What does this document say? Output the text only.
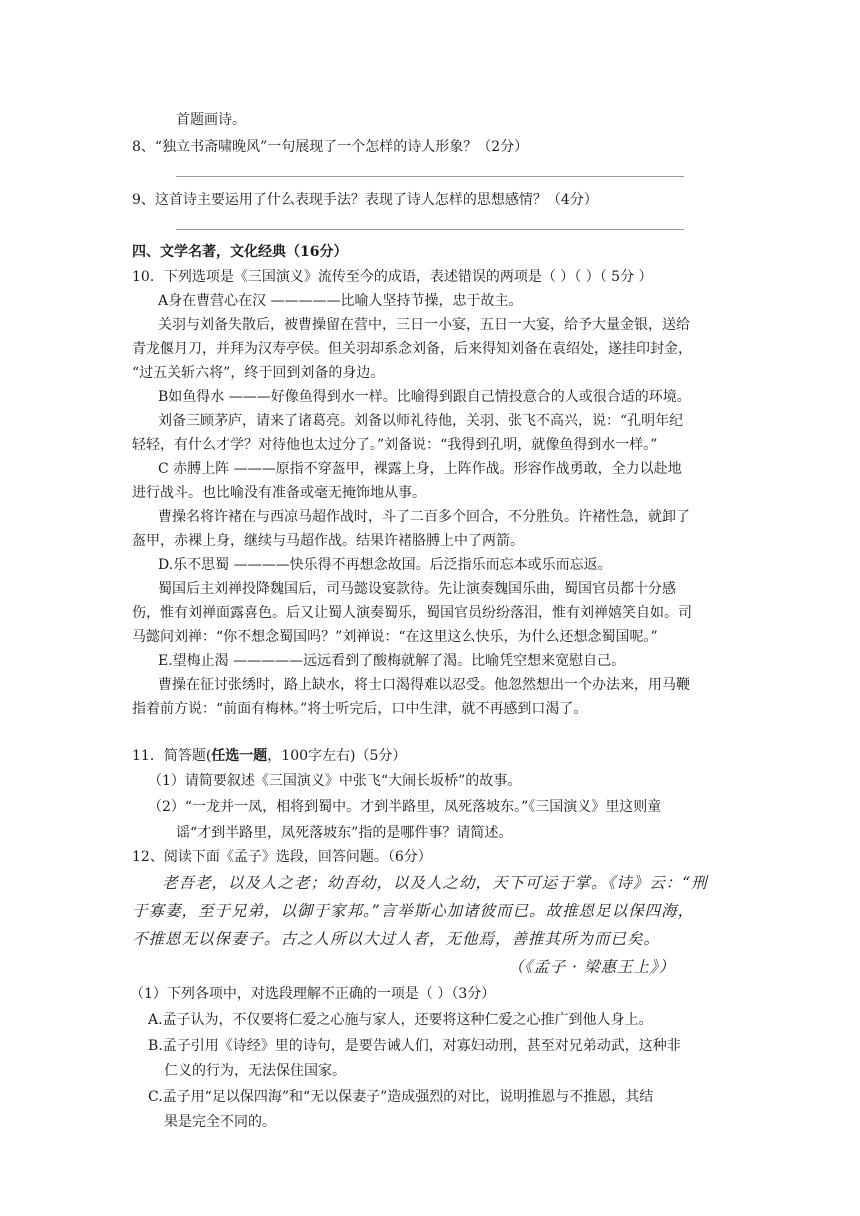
首题画诗。
8、“独立书斋啸晚风”一句展现了一个怎样的诗人形象？（2分）
9、这首诗主要运用了什么表现手法？表现了诗人怎样的思想感情？（4分）
四、文学名著，文化经典（16分）
10．下列选项是《三国演义》流传至今的成语，表述错误的两项是（ ）（ ）（ 5分 ）
A身在曹营心在汉 —————比喻人坚持节操，忠于故主。
关羽与刘备失散后，被曹操留在营中，三日一小宴，五日一大宴，给予大量金银，送给
青龙偃月刀，并拜为汉寿亭侯。但关羽却系念刘备，后来得知刘备在袁绍处，遂挂印封金，
“过五关斩六将”，终于回到刘备的身边。
B如鱼得水 ———好像鱼得到水一样。比喻得到跟自己情投意合的人或很合适的环境。
刘备三顾茅庐，请来了诸葛亮。刘备以师礼待他，关羽、张飞不高兴，说：“孔明年纪
轻轻，有什么才学？对待他也太过分了。”刘备说：“我得到孔明，就像鱼得到水一样。”
C 赤膊上阵 ———原指不穿盔甲，裸露上身，上阵作战。形容作战勇敢，全力以赴地
进行战斗。也比喻没有准备或毫无掩饰地从事。
曹操名将许褚在与西凉马超作战时，斗了二百多个回合，不分胜负。许褚性急，就卸了
盔甲，赤裸上身，继续与马超作战。结果许褚胳膊上中了两箭。
D.乐不思蜀 ————快乐得不再想念故国。后泛指乐而忘本或乐而忘返。
蜀国后主刘禅投降魏国后，司马懿设宴款待。先让演奏魏国乐曲，蜀国官员都十分感
伤，惟有刘禅面露喜色。后又让蜀人演奏蜀乐，蜀国官员纷纷落泪，惟有刘禅嬉笑自如。司
马懿问刘禅：“你不想念蜀国吗？”刘禅说：“在这里这么快乐，为什么还想念蜀国呢。”
E.望梅止渴 —————远远看到了酸梅就解了渴。比喻凭空想来宽慰自己。
曹操在征讨张绣时，路上缺水，将士口渴得难以忍受。他忽然想出一个办法来，用马鞭
指着前方说：“前面有梅林。”将士听完后，口中生津，就不再感到口渴了。
11．简答题(任选一题，100字左右)（5分）
（1）请简要叙述《三国演义》中张飞“大闹长坂桥”的故事。
（2）“一龙并一凤，相将到蜀中。才到半路里，凤死落坡东。”《三国演义》里这则童
谣“才到半路里，凤死落坡东”指的是哪件事？请简述。
12、阅读下面《孟子》选段，回答问题。（6分）
老吾老，以及人之老；幼吾幼，以及人之幼，天下可运于掌。《诗》云：“刑
于寡妻，至于兄弟，以御于家邦。”言举斯心加诸彼而已。故推恩足以保四海，
不推恩无以保妻子。古之人所以大过人者，无他焉，善推其所为而已矣。
（《孟子 · 梁惠王上》）
（1）下列各项中，对选段理解不正确的一项是（ ）（3分）
A.孟子认为，不仅要将仁爱之心施与家人，还要将这种仁爱之心推广到他人身上。
B.孟子引用《诗经》里的诗句，是要告诫人们，对寡妇动刑，甚至对兄弟动武，这种非
仁义的行为，无法保住国家。
C.孟子用“足以保四海”和“无以保妻子”造成强烈的对比，说明推恩与不推恩，其结
果是完全不同的。
